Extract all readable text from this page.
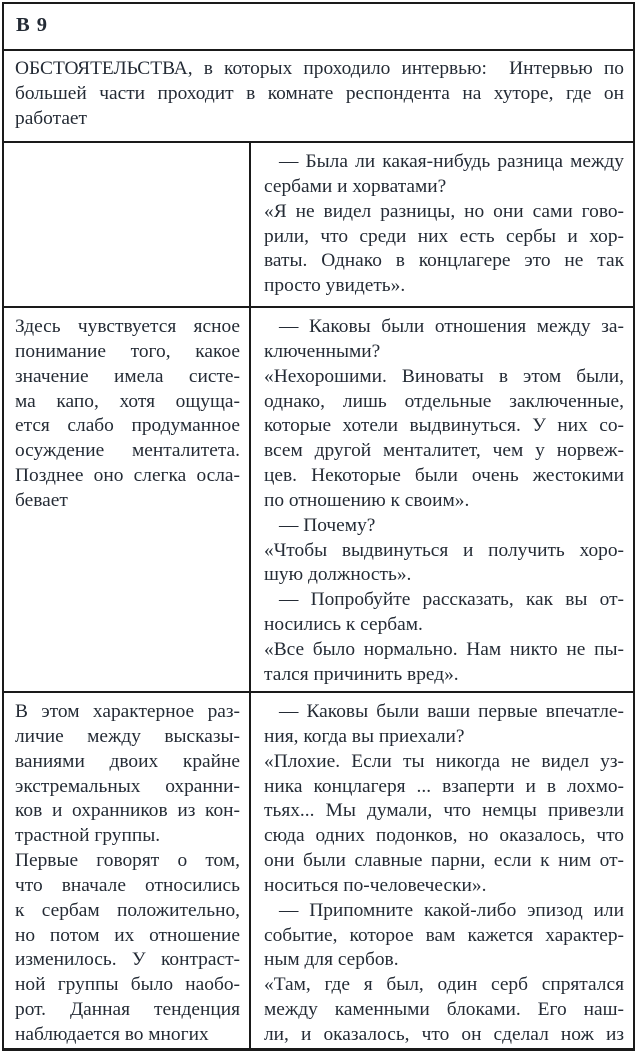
В 9
ОБСТОЯТЕЛЬСТВА, в которых проходило интервью:  Интервью по
большей части проходит в комнате респондента на хуторе, где он
работает
— Была ли какая-нибудь разница между
сербами и хорватами?
«Я не видел разницы, но они сами гово-
рили, что среди них есть сербы и хор-
ваты. Однако в концлагере это не так
просто увидеть».
Здесь чувствуется ясное
понимание того, какое
значение имела систе-
ма капо, хотя ощуща-
ется слабо продуманное
осуждение менталитета.
Позднее оно слегка осла-
бевает
— Каковы были отношения между за-
ключенными?
«Нехорошими. Виноваты в этом были,
однако, лишь отдельные заключенные,
которые хотели выдвинуться. У них со-
всем другой менталитет, чем у норвеж-
цев. Некоторые были очень жестокими
по отношению к своим».
— Почему?
«Чтобы выдвинуться и получить хоро-
шую должность».
— Попробуйте рассказать, как вы от-
носились к сербам.
«Все было нормально. Нам никто не пы-
тался причинить вред».
В этом характерное раз-
личие между высказы-
ваниями двоих крайне
экстремальных охранни-
ков и охранников из кон-
трастной группы.
Первые говорят о том,
что вначале относились
к сербам положительно,
но потом их отношение
изменилось. У контраст-
ной группы было наобо-
рот. Данная тенденция
наблюдается во многих
— Каковы были ваши первые впечатле-
ния, когда вы приехали?
«Плохие. Если ты никогда не видел уз-
ника концлагеря ... взаперти и в лохмо-
тьях... Мы думали, что немцы привезли
сюда одних подонков, но оказалось, что
они были славные парни, если к ним от-
носиться по-человечески».
— Припомните какой-либо эпизод или
событие, которое вам кажется характер-
ным для сербов.
«Там, где я был, один серб спрятался
между каменными блоками. Его наш-
ли, и оказалось, что он сделал нож из
